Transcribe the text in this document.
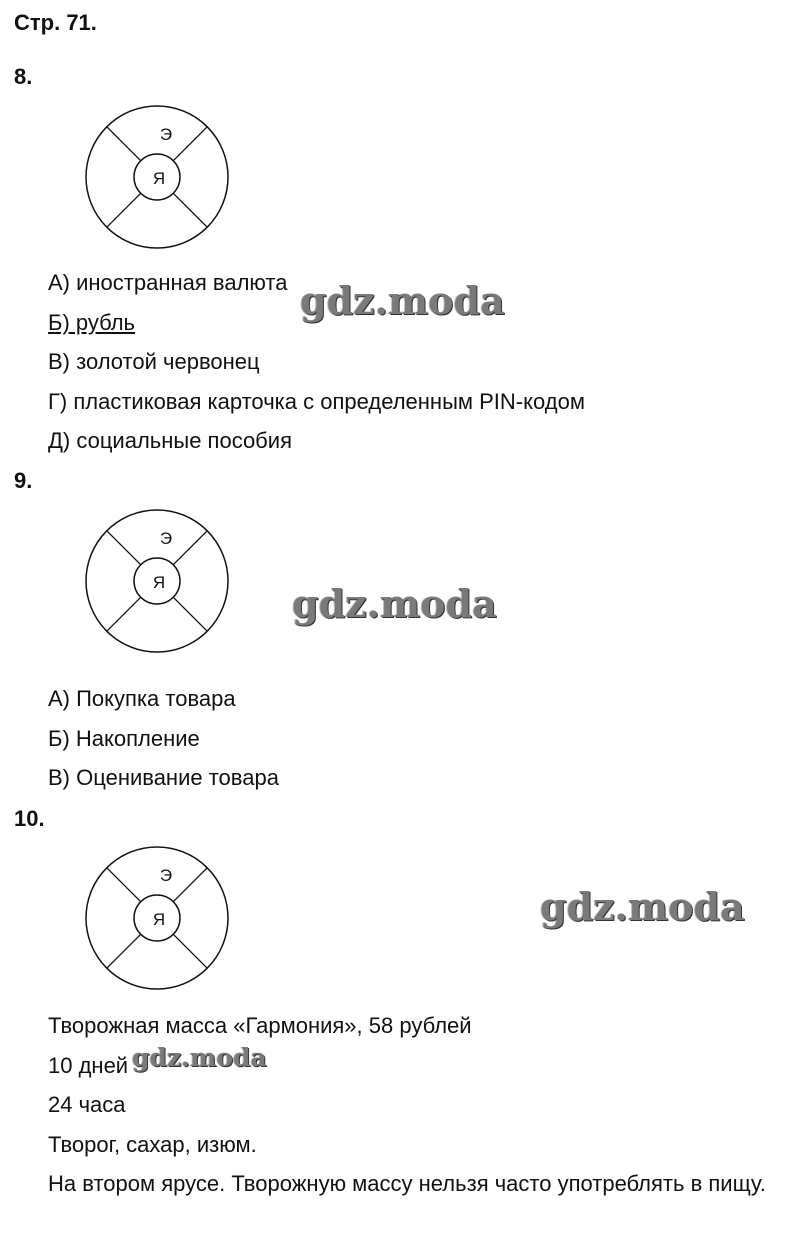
Стр. 71.
8.
Э
Я
А) иностранная валюта
Б) рубль
В) золотой червонец
Г) пластиковая карточка с определенным PIN-кодом
Д) социальные пособия
gdz.moda
9.
Э
Я	gdz.moda
А) Покупка товара
Б) Накопление
В) Оценивание товара
10.
Э
Я	gdz.moda
Творожная масса «Гармония», 58 рублей
10 дней gdz.moda
24 часа
Творог, сахар, изюм.
На втором ярусе. Творожную массу нельзя часто употреблять в пищу.
